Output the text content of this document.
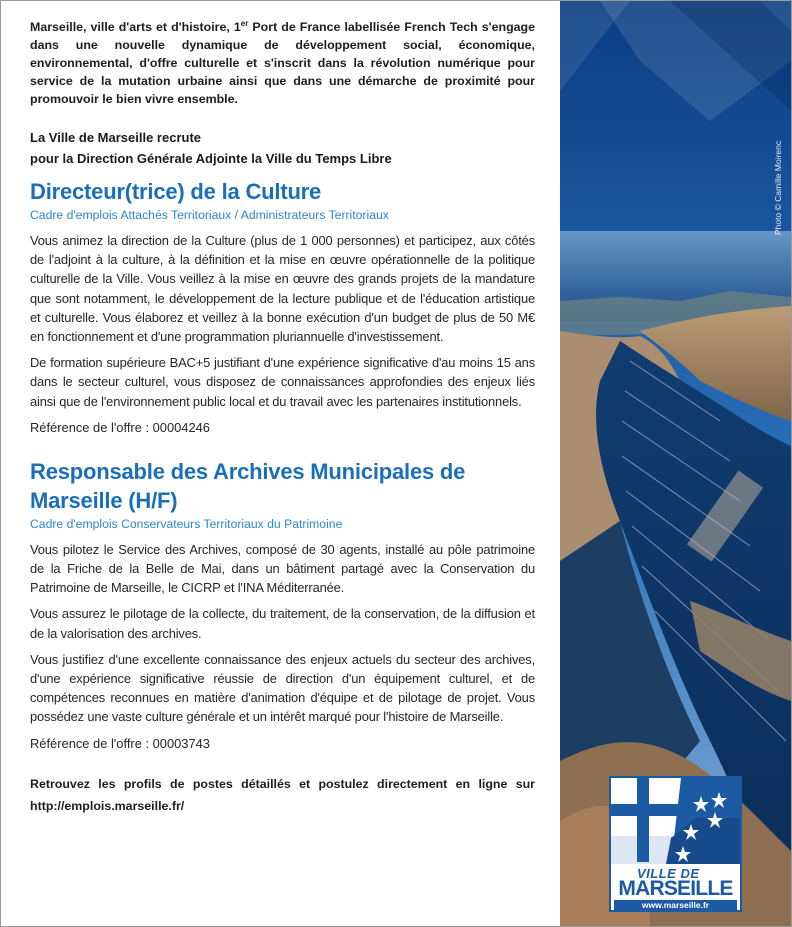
Marseille, ville d'arts et d'histoire, 1er Port de France labellisée French Tech s'engage dans une nouvelle dynamique de développement social, économique, environnemental, d'offre culturelle et s'inscrit dans la révolution numérique pour service de la mutation urbaine ainsi que dans une démarche de proximité pour promouvoir le bien vivre ensemble.

La Ville de Marseille recrute
pour la Direction Générale Adjointe la Ville du Temps Libre
Directeur(trice) de la Culture
Cadre d'emplois Attachés Territoriaux / Administrateurs Territoriaux

Vous animez la direction de la Culture (plus de 1 000 personnes) et participez, aux côtés de l'adjoint à la culture, à la définition et la mise en œuvre opérationnelle de la politique culturelle de la Ville. Vous veillez à la mise en œuvre des grands projets de la mandature que sont notamment, le développement de la lecture publique et de l'éducation artistique et culturelle. Vous élaborez et veillez à la bonne exécution d'un budget de plus de 50 M€ en fonctionnement et d'une programmation pluriannuelle d'investissement.

De formation supérieure BAC+5 justifiant d'une expérience significative d'au moins 15 ans dans le secteur culturel, vous disposez de connaissances approfondies des enjeux liés ainsi que de l'environnement public local et du travail avec les partenaires institutionnels.

Référence de l'offre : 00004246

Responsable des Archives Municipales de Marseille (H/F)
Cadre d'emplois Conservateurs Territoriaux du Patrimoine

Vous pilotez le Service des Archives, composé de 30 agents, installé au pôle patrimoine de la Friche de la Belle de Mai, dans un bâtiment partagé avec la Conservation du Patrimoine de Marseille, le CICRP et l'INA Méditerranée.

Vous assurez le pilotage de la collecte, du traitement, de la conservation, de la diffusion et de la valorisation des archives.

Vous justifiez d'une excellente connaissance des enjeux actuels du secteur des archives, d'une expérience significative réussie de direction d'un équipement culturel, et de compétences reconnues en matière d'animation d'équipe et de pilotage de projet. Vous possédez une vaste culture générale et un intérêt marqué pour l'histoire de Marseille.

Référence de l'offre : 00003743

Retrouvez les profils de postes détaillés et postulez directement en ligne sur http://emplois.marseille.fr/

Photo © Camille Moirenc
VILLE DE
MARSEILLE
www.marseille.fr
